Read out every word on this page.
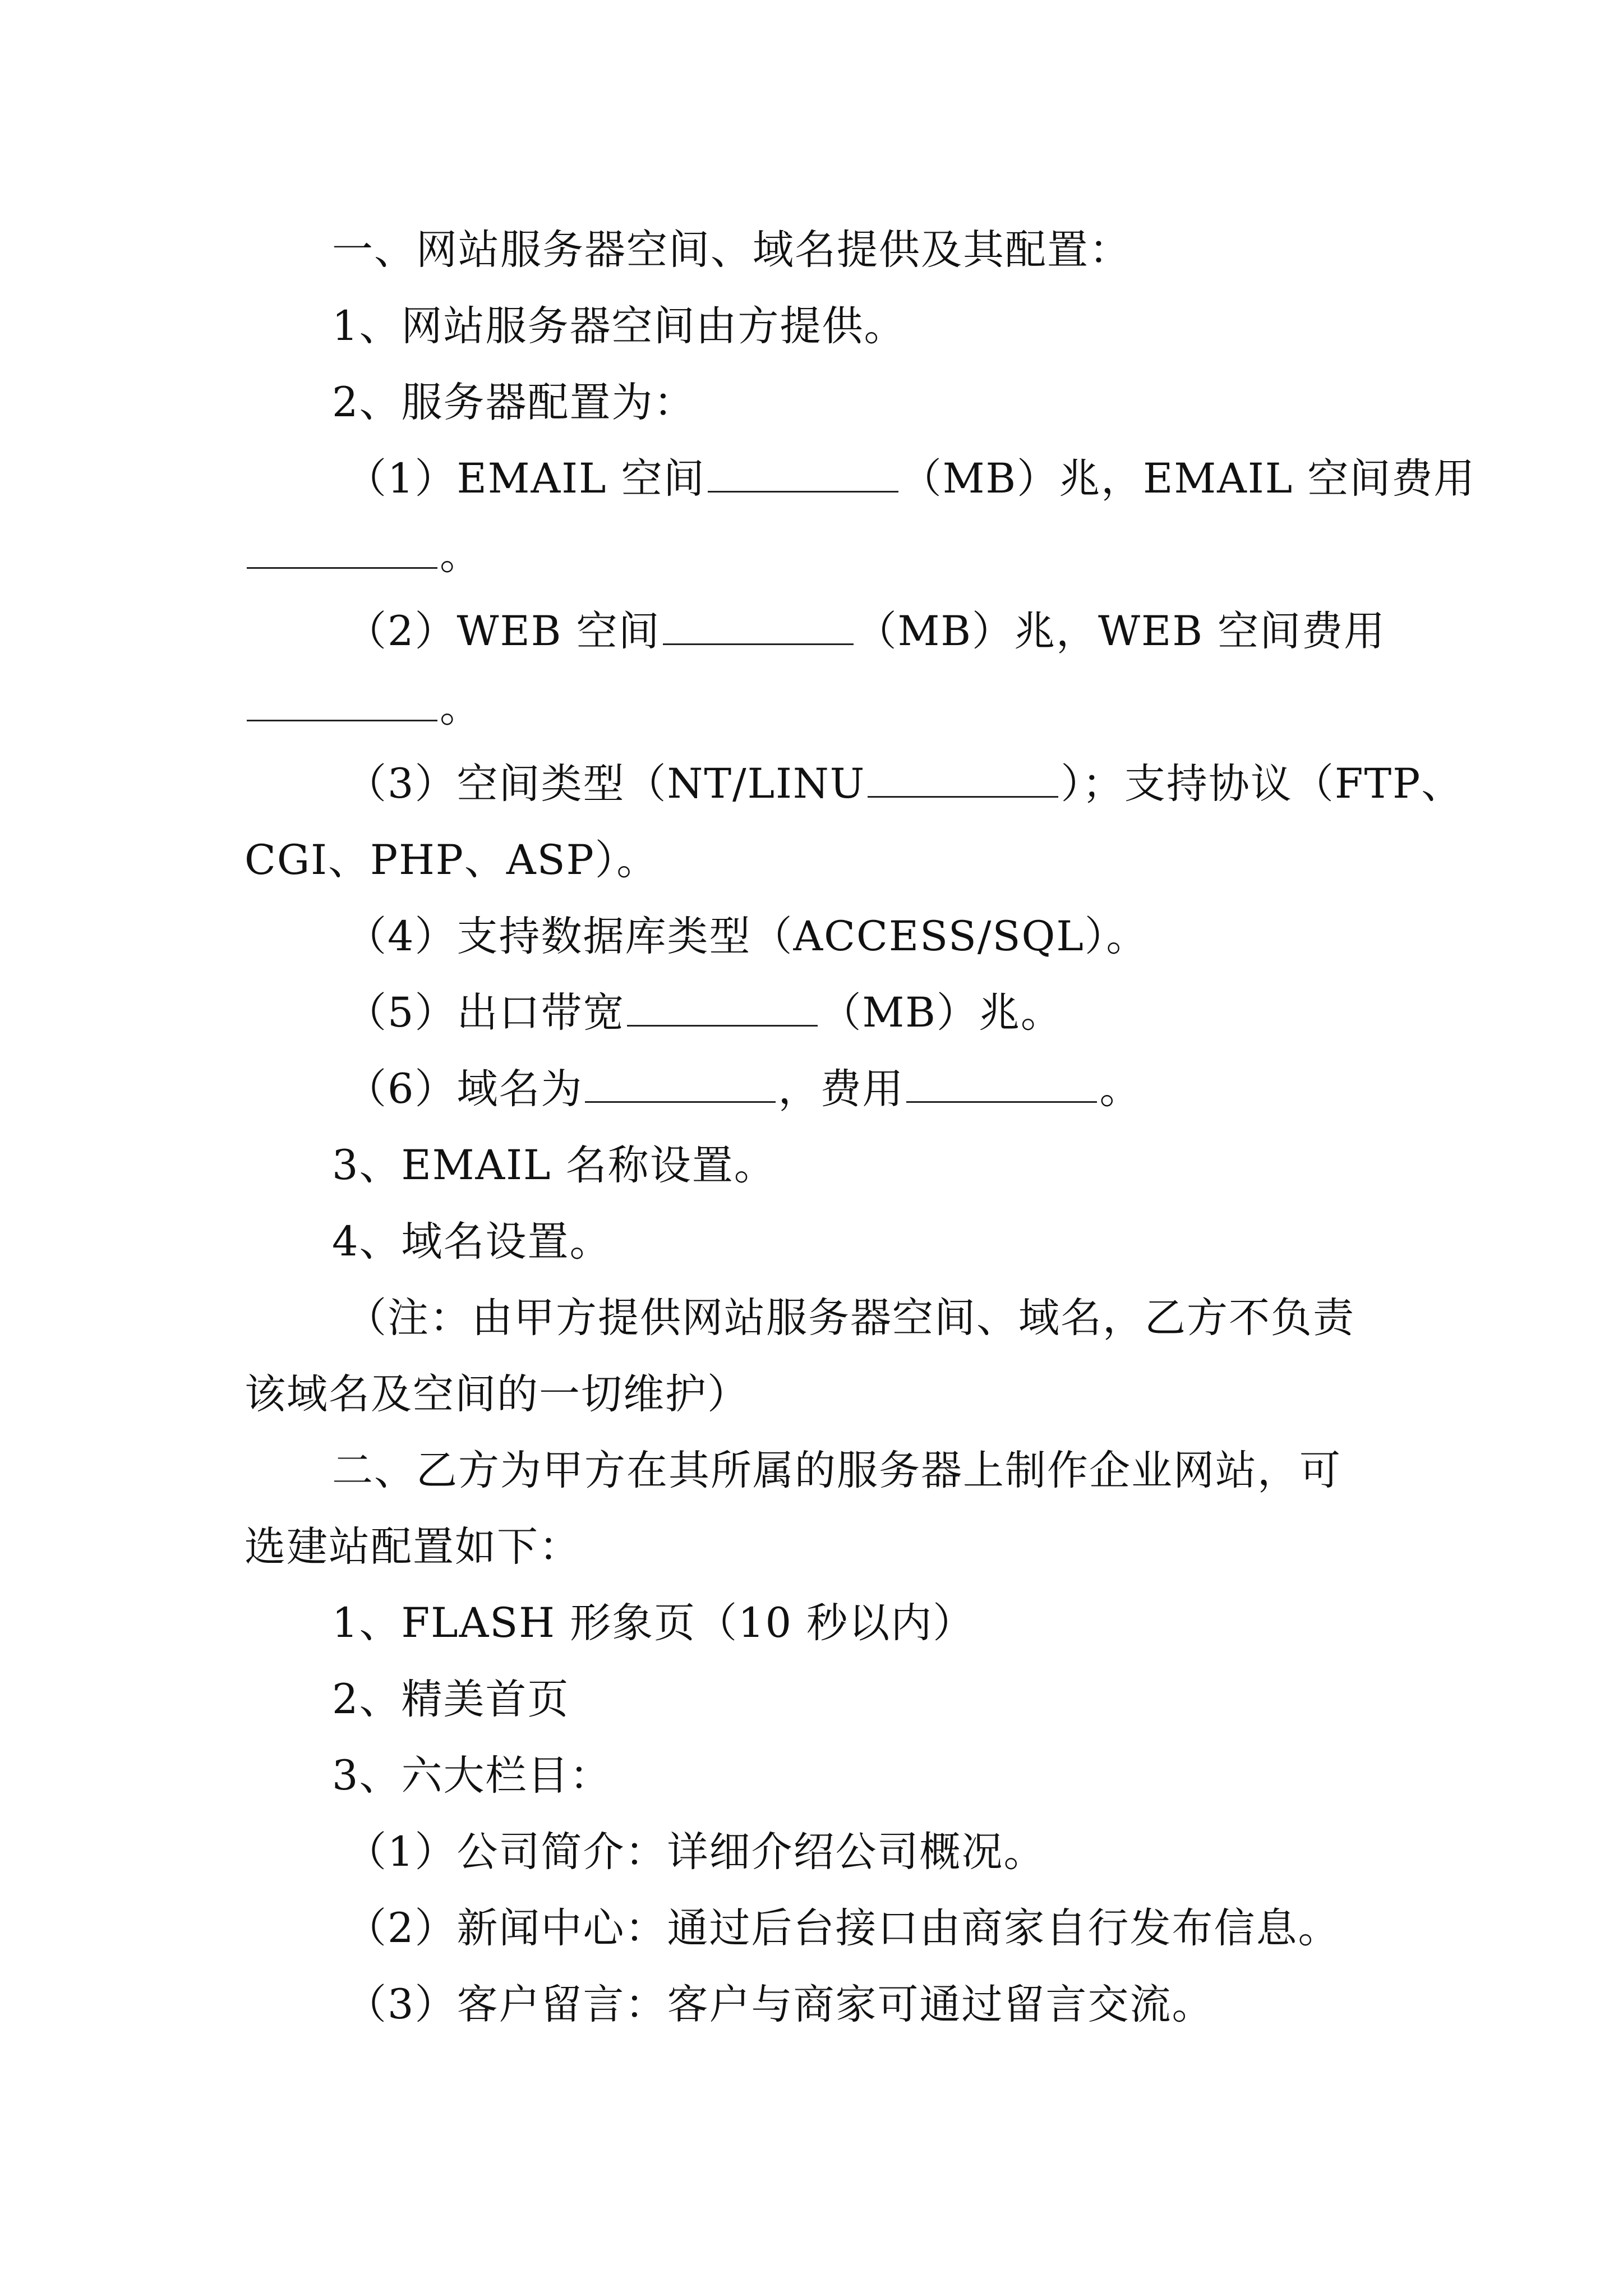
一、网站服务器空间、域名提供及其配置：
1、网站服务器空间由方提供。
2、服务器配置为：
（1）EMAIL 空间	（MB）兆，EMAIL 空间费用
。
（2）WEB 空间	（MB）兆，WEB 空间费用
。
（3）空间类型（NT/LINU	）；支持协议（FTP、
CGI、PHP、ASP）。
（4）支持数据库类型（ACCESS/SQL）。
（5）出口带宽	（MB）兆。
（6）域名为	，费用	。
3、EMAIL 名称设置。
4、域名设置。
（注：由甲方提供网站服务器空间、域名，乙方不负责
该域名及空间的一切维护）
二、乙方为甲方在其所属的服务器上制作企业网站，可
选建站配置如下：
1、FLASH 形象页（10 秒以内）
2、精美首页
3、六大栏目：
（1）公司简介：详细介绍公司概况。
（2）新闻中心：通过后台接口由商家自行发布信息。
（3）客户留言：客户与商家可通过留言交流。
